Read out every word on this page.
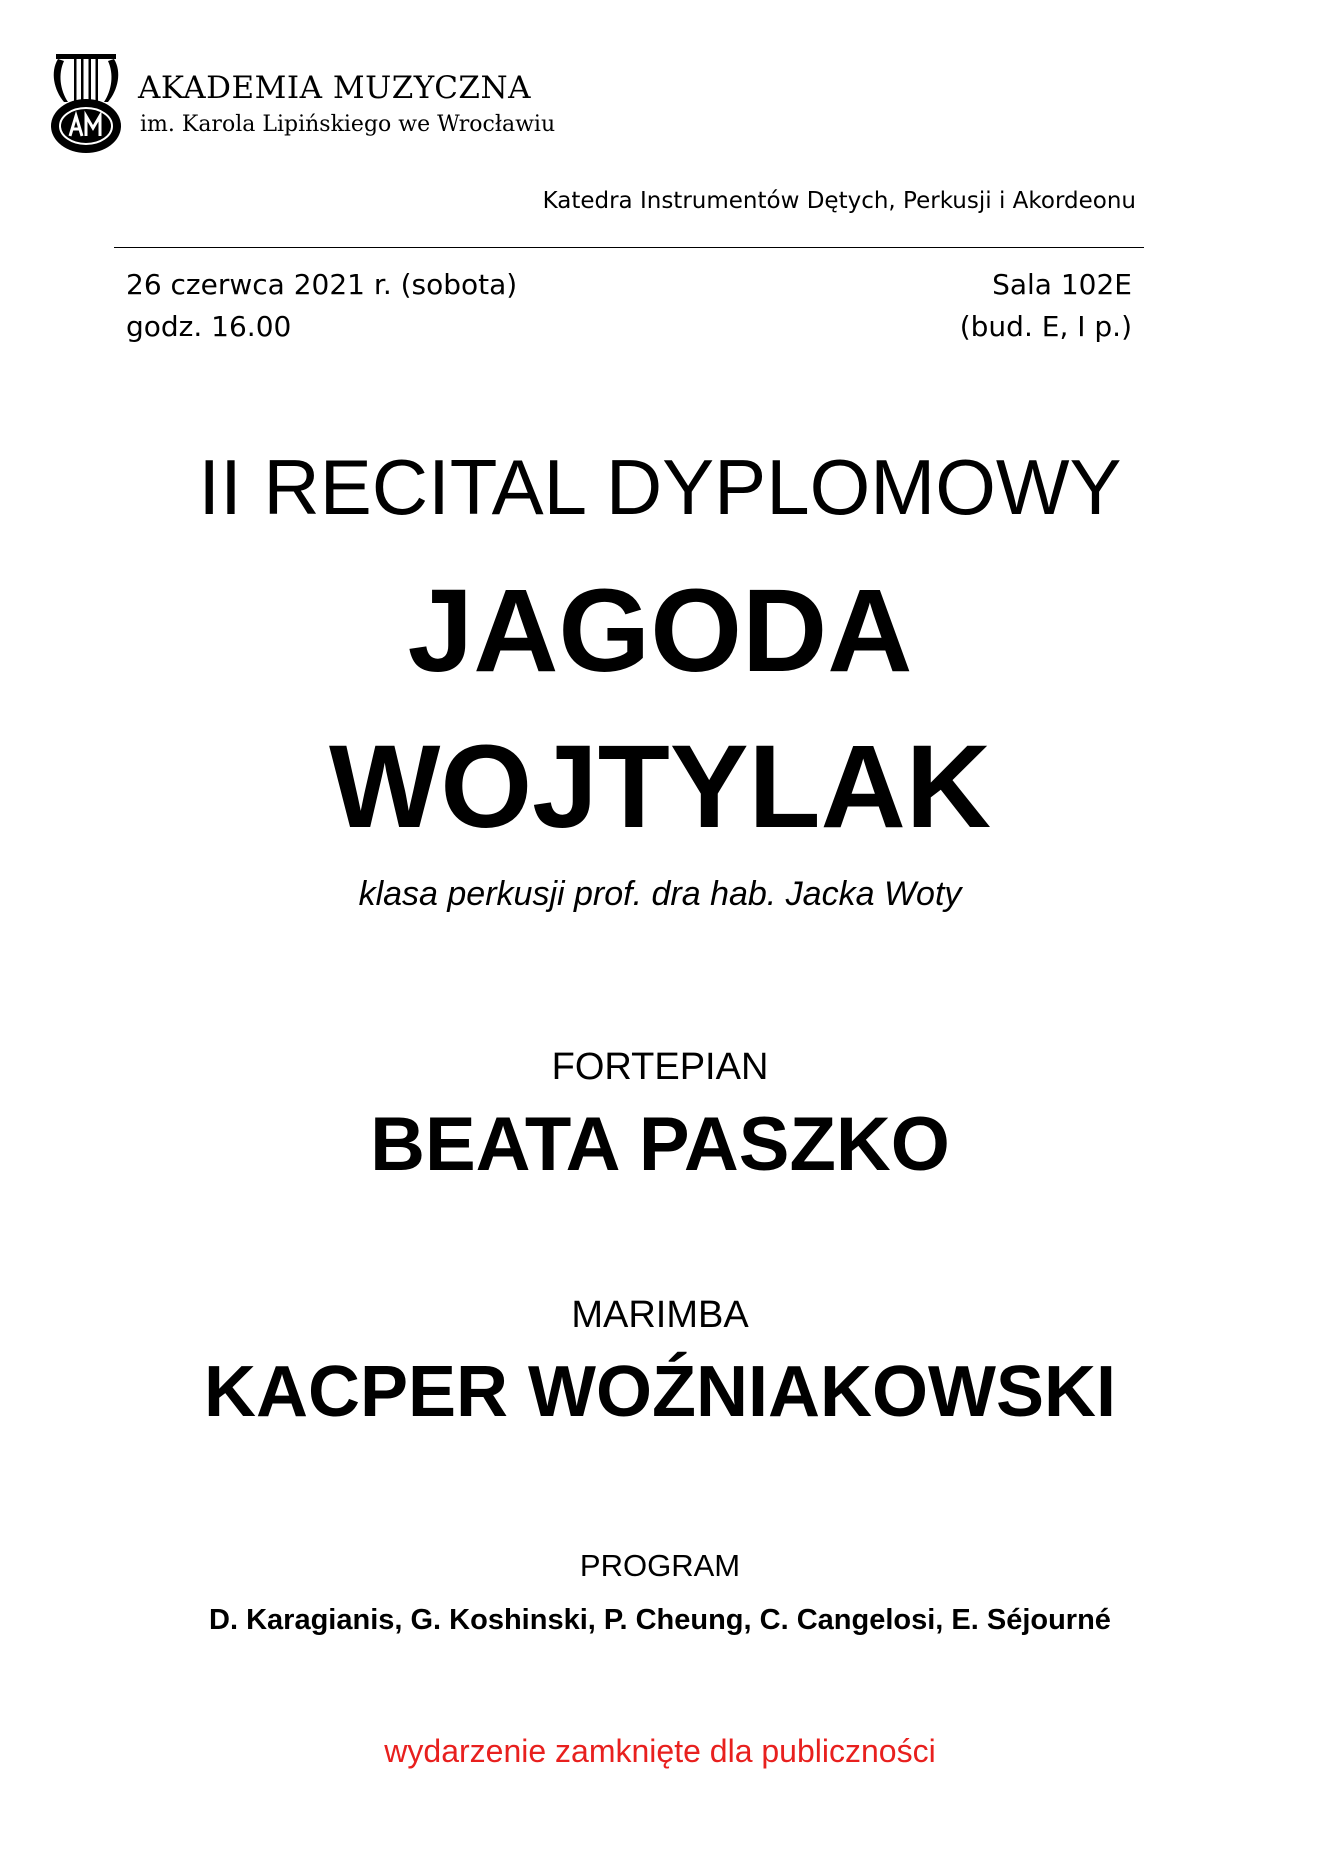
AKADEMIA MUZYCZNA
im. Karola Lipińskiego we Wrocławiu
Katedra Instrumentów Dętych, Perkusji i Akordeonu
26 czerwca 2021 r. (sobota)
godz. 16.00
Sala 102E
(bud. E, I p.)
II RECITAL DYPLOMOWY
JAGODA
WOJTYLAK
klasa perkusji prof. dra hab. Jacka Woty
FORTEPIAN
BEATA PASZKO
MARIMBA
KACPER WOŹNIAKOWSKI
PROGRAM
D. Karagianis, G. Koshinski, P. Cheung, C. Cangelosi, E. Séjourné
wydarzenie zamknięte dla publiczności
